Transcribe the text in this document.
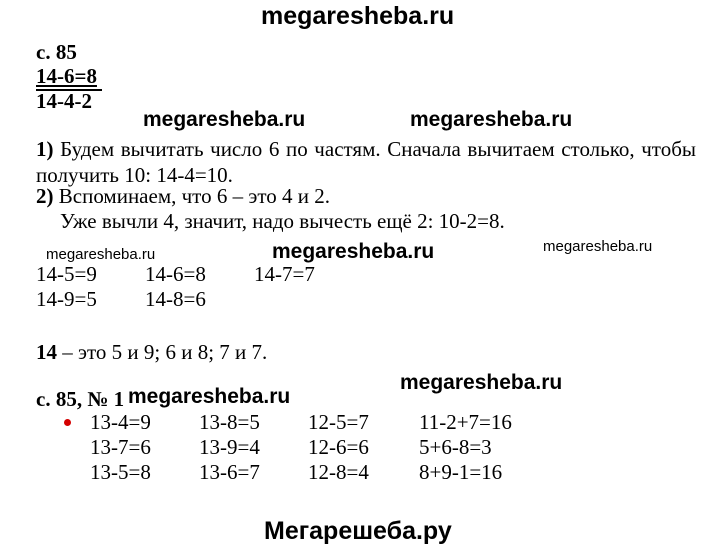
megaresheba.ru
с. 85
14-6=8
14-4-2
megaresheba.ru	megaresheba.ru
1) Будем вычитать число 6 по частям. Сначала вычитаем столько, чтобы получить 10: 14-4=10.
2) Вспоминаем, что 6 – это 4 и 2.
Уже вычли 4, значит, надо вычесть ещё 2: 10-2=8.
megaresheba.ru	megaresheba.ru	megaresheba.ru
14-5=9 14-6=8 14-7=7
14-9=5 14-8=6
14 – это 5 и 9; 6 и 8; 7 и 7.
с. 85, № 1 megaresheba.ru
megaresheba.ru
13-4=9 13-8=5 12-5=7 11-2+7=16
13-7=6 13-9=4 12-6=6 5+6-8=3
13-5=8 13-6=7 12-8=4 8+9-1=16
Мегарешеба.ру
